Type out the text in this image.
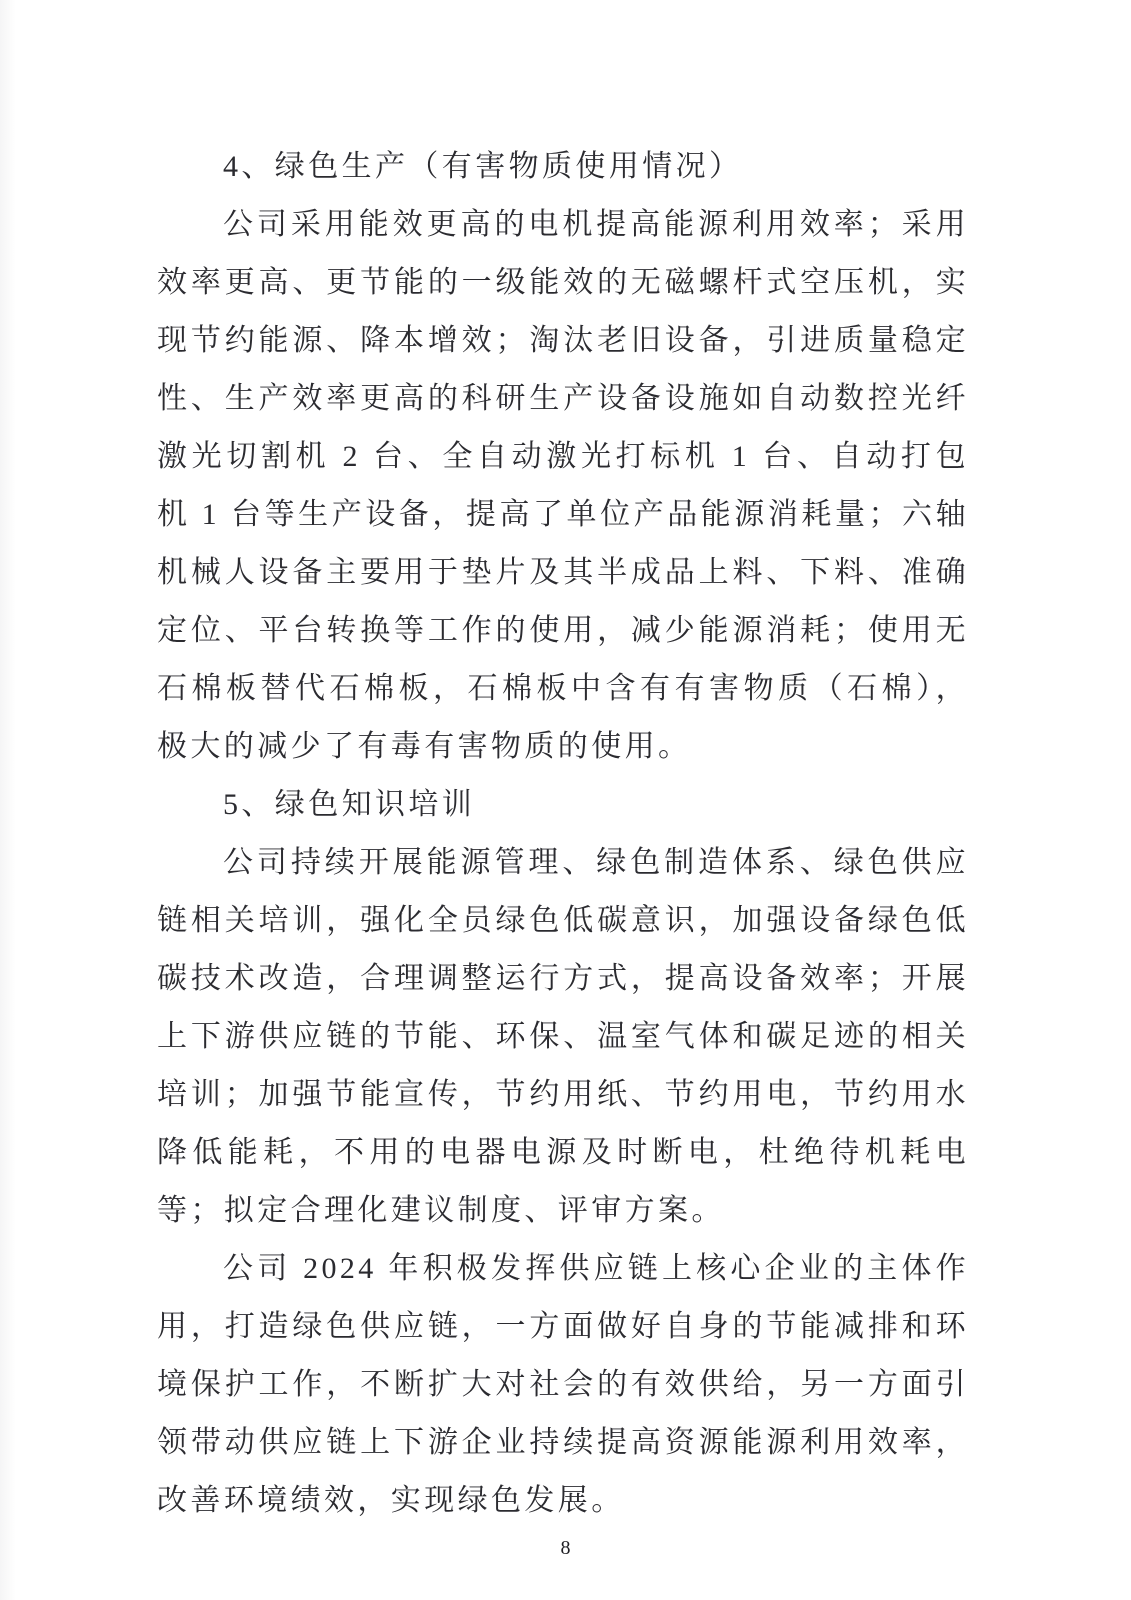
4、绿色生产（有害物质使用情况）

公司采用能效更高的电机提高能源利用效率；采用效率更高、更节能的一级能效的无磁螺杆式空压机，实现节约能源、降本增效；淘汰老旧设备，引进质量稳定性、生产效率更高的科研生产设备设施如自动数控光纤激光切割机 2 台、全自动激光打标机 1 台、自动打包机 1 台等生产设备，提高了单位产品能源消耗量；六轴机械人设备主要用于垫片及其半成品上料、下料、准确定位、平台转换等工作的使用，减少能源消耗；使用无石棉板替代石棉板，石棉板中含有有害物质（石棉），极大的减少了有毒有害物质的使用。

5、绿色知识培训

公司持续开展能源管理、绿色制造体系、绿色供应链相关培训，强化全员绿色低碳意识，加强设备绿色低碳技术改造，合理调整运行方式，提高设备效率；开展上下游供应链的节能、环保、温室气体和碳足迹的相关培训；加强节能宣传，节约用纸、节约用电，节约用水降低能耗，不用的电器电源及时断电，杜绝待机耗电等；拟定合理化建议制度、评审方案。

公司 2024 年积极发挥供应链上核心企业的主体作用，打造绿色供应链，一方面做好自身的节能减排和环境保护工作，不断扩大对社会的有效供给，另一方面引领带动供应链上下游企业持续提高资源能源利用效率，改善环境绩效，实现绿色发展。

8
